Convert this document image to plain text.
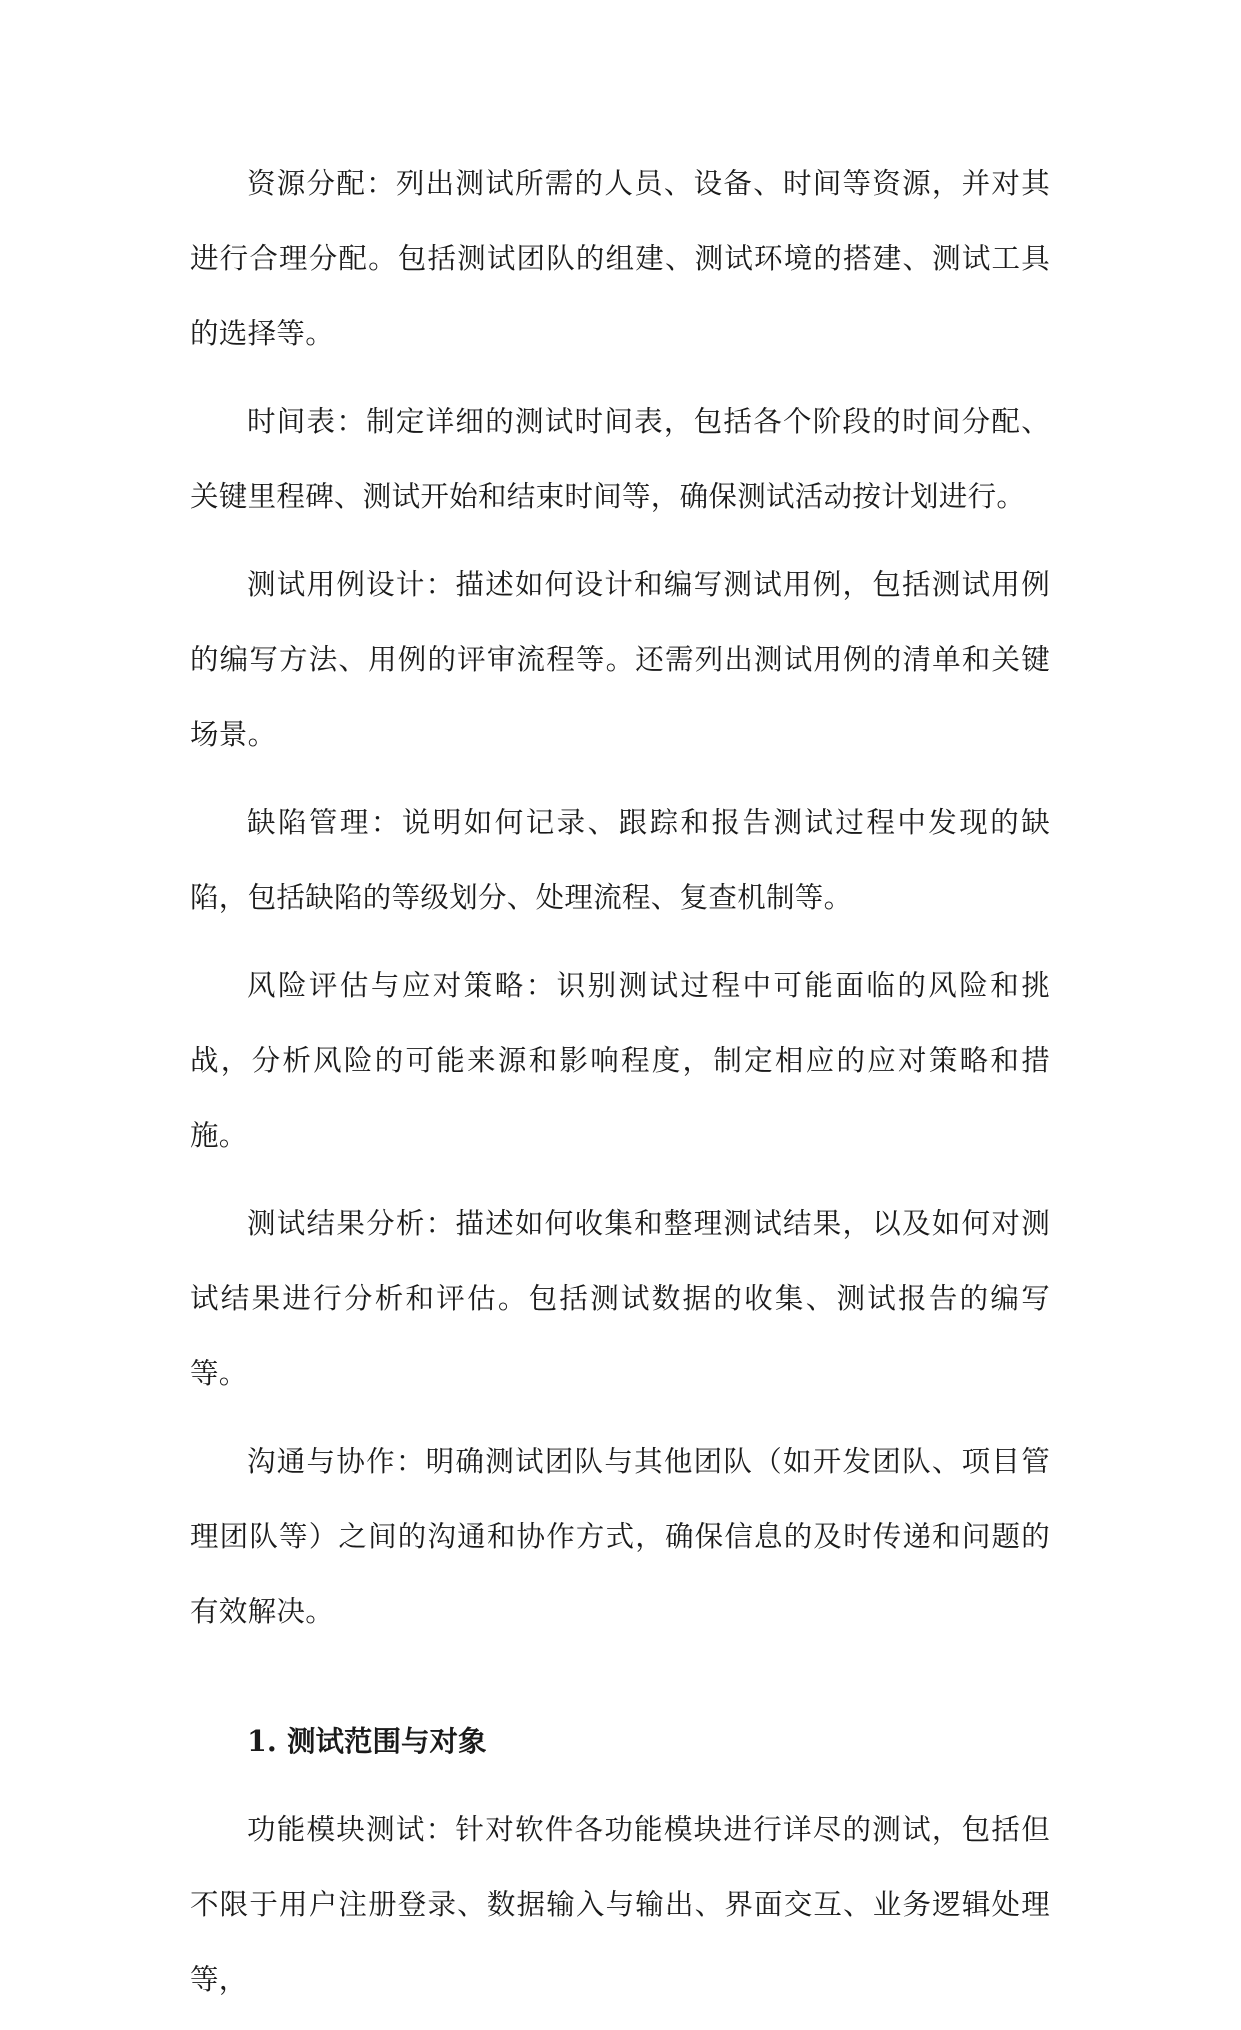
资源分配：列出测试所需的人员、设备、时间等资源，并对其进行合理分配。包括测试团队的组建、测试环境的搭建、测试工具的选择等。

时间表：制定详细的测试时间表，包括各个阶段的时间分配、关键里程碑、测试开始和结束时间等，确保测试活动按计划进行。

测试用例设计：描述如何设计和编写测试用例，包括测试用例的编写方法、用例的评审流程等。还需列出测试用例的清单和关键场景。

缺陷管理：说明如何记录、跟踪和报告测试过程中发现的缺陷，包括缺陷的等级划分、处理流程、复查机制等。

风险评估与应对策略：识别测试过程中可能面临的风险和挑战，分析风险的可能来源和影响程度，制定相应的应对策略和措施。

测试结果分析：描述如何收集和整理测试结果，以及如何对测试结果进行分析和评估。包括测试数据的收集、测试报告的编写等。

沟通与协作：明确测试团队与其他团队（如开发团队、项目管理团队等）之间的沟通和协作方式，确保信息的及时传递和问题的有效解决。

1. 测试范围与对象

功能模块测试：针对软件各功能模块进行详尽的测试，包括但不限于用户注册登录、数据输入与输出、界面交互、业务逻辑处理等，
